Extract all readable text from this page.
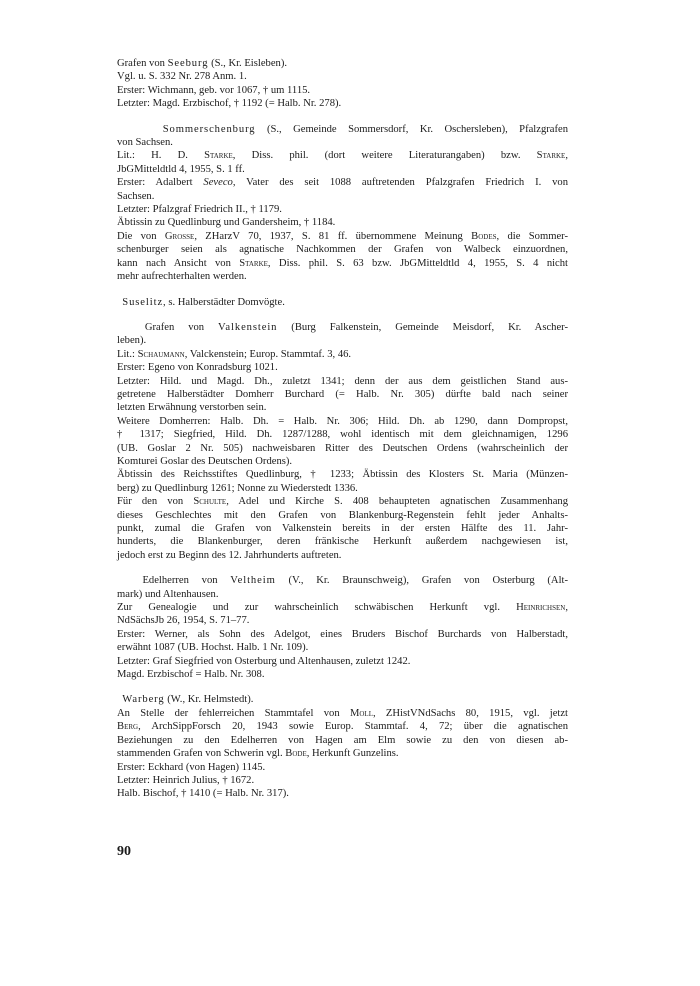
Grafen von Seeburg (S., Kr. Eisleben).
Vgl. u. S. 332 Nr. 278 Anm. 1.
Erster: Wichmann, geb. vor 1067, † um 1115.
Letzter: Magd. Erzbischof, † 1192 (= Halb. Nr. 278).
Sommerschenburg (S., Gemeinde Sommersdorf, Kr. Oschersleben), Pfalzgrafen
von Sachsen.
Lit.: H. D. Starke, Diss. phil. (dort weitere Literaturangaben) bzw. Starke,
JbGMitteldtld 4, 1955, S. 1 ff.
Erster: Adalbert Seveco, Vater des seit 1088 auftretenden Pfalzgrafen Friedrich I. von
Sachsen.
Letzter: Pfalzgraf Friedrich II., † 1179.
Äbtissin zu Quedlinburg und Gandersheim, † 1184.
Die von Grosse, ZHarzV 70, 1937, S. 81 ff. übernommene Meinung Bodes, die Sommer-
schenburger seien als agnatische Nachkommen der Grafen von Walbeck einzuordnen,
kann nach Ansicht von Starke, Diss. phil. S. 63 bzw. JbGMitteldtld 4, 1955, S. 4 nicht
mehr aufrechterhalten werden.
Suselitz, s. Halberstädter Domvögte.
Grafen von Valkenstein (Burg Falkenstein, Gemeinde Meisdorf, Kr. Ascher-
leben).
Lit.: Schaumann, Valckenstein; Europ. Stammtaf. 3, 46.
Erster: Egeno von Konradsburg 1021.
Letzter: Hild. und Magd. Dh., zuletzt 1341; denn der aus dem geistlichen Stand aus-
getretene Halberstädter Domherr Burchard (= Halb. Nr. 305) dürfte bald nach seiner
letzten Erwähnung verstorben sein.
Weitere Domherren: Halb. Dh. = Halb. Nr. 306; Hild. Dh. ab 1290, dann Dompropst,
† 1317; Siegfried, Hild. Dh. 1287/1288, wohl identisch mit dem gleichnamigen, 1296
(UB. Goslar 2 Nr. 505) nachweisbaren Ritter des Deutschen Ordens (wahrscheinlich der
Komturei Goslar des Deutschen Ordens).
Äbtissin des Reichsstiftes Quedlinburg, † 1233; Äbtissin des Klosters St. Maria (Münzen-
berg) zu Quedlinburg 1261; Nonne zu Wiederstedt 1336.
Für den von Schulte, Adel und Kirche S. 408 behaupteten agnatischen Zusammenhang
dieses Geschlechtes mit den Grafen von Blankenburg-Regenstein fehlt jeder Anhalts-
punkt, zumal die Grafen von Valkenstein bereits in der ersten Hälfte des 11. Jahr-
hunderts, die Blankenburger, deren fränkische Herkunft außerdem nachgewiesen ist,
jedoch erst zu Beginn des 12. Jahrhunderts auftreten.
Edelherren von Veltheim (V., Kr. Braunschweig), Grafen von Osterburg (Alt-
mark) und Altenhausen.
Zur Genealogie und zur wahrscheinlich schwäbischen Herkunft vgl. Heinrichsen,
NdSächsJb 26, 1954, S. 71–77.
Erster: Werner, als Sohn des Adelgot, eines Bruders Bischof Burchards von Halberstadt,
erwähnt 1087 (UB. Hochst. Halb. 1 Nr. 109).
Letzter: Graf Siegfried von Osterburg und Altenhausen, zuletzt 1242.
Magd. Erzbischof = Halb. Nr. 308.
Warberg (W., Kr. Helmstedt).
An Stelle der fehlerreichen Stammtafel von Moll, ZHistVNdSachs 80, 1915, vgl. jetzt
Berg, ArchSippForsch 20, 1943 sowie Europ. Stammtaf. 4, 72; über die agnatischen
Beziehungen zu den Edelherren von Hagen am Elm sowie zu den von diesen ab-
stammenden Grafen von Schwerin vgl. Bode, Herkunft Gunzelins.
Erster: Eckhard (von Hagen) 1145.
Letzter: Heinrich Julius, † 1672.
Halb. Bischof, † 1410 (= Halb. Nr. 317).
90
